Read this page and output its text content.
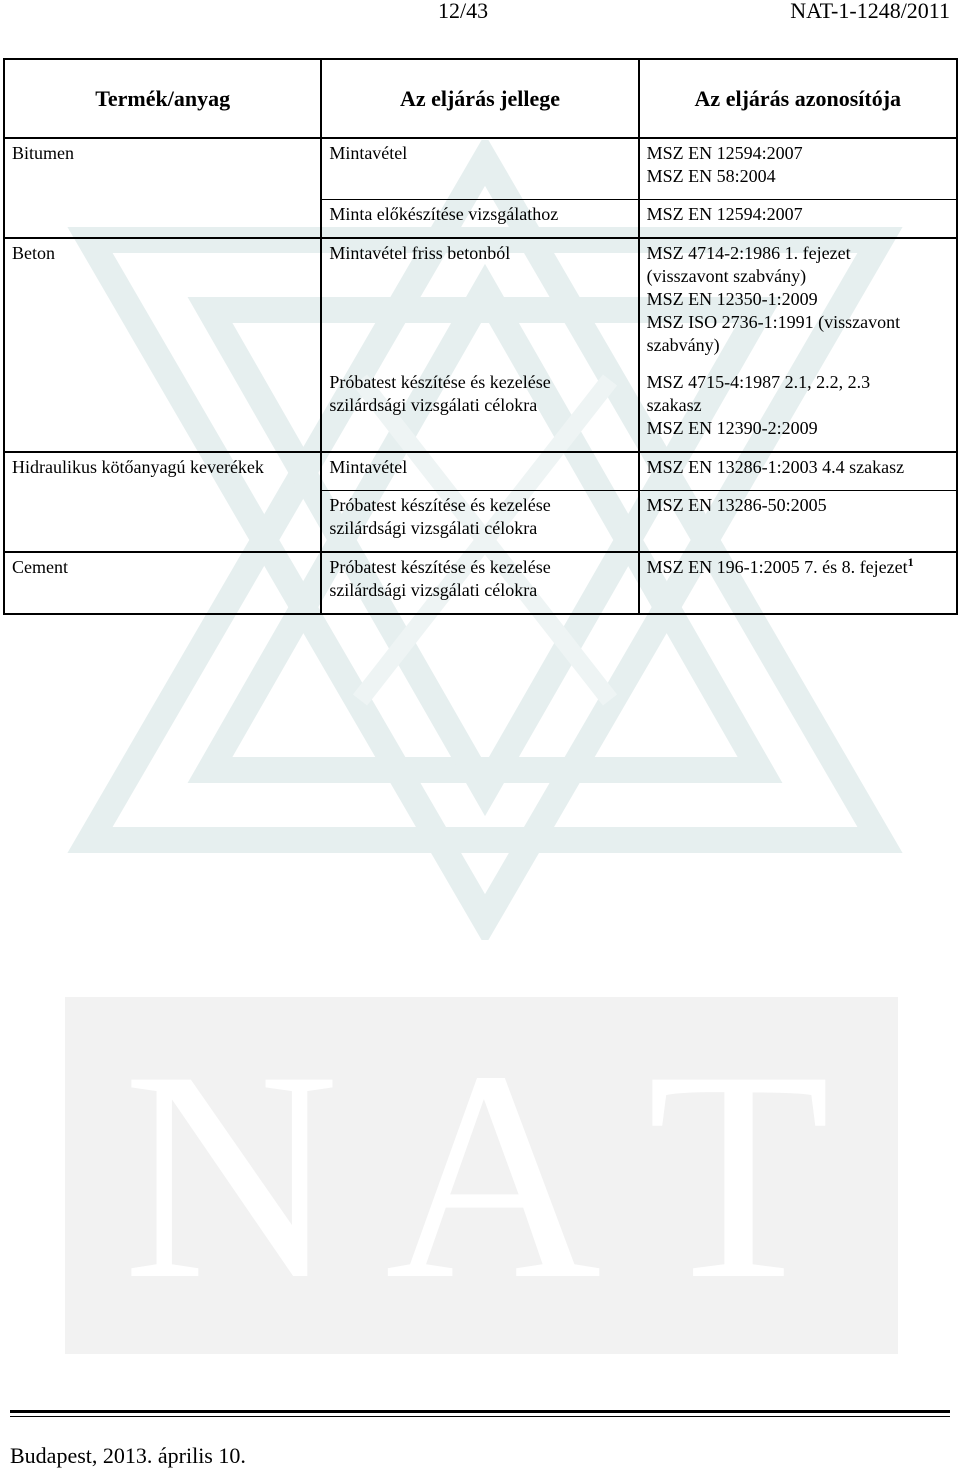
N A T
12/43	NAT-1-1248/2011
Termék/anyag	Az eljárás jellege	Az eljárás azonosítója

Bitumen	Mintavétel	MSZ EN 12594:2007
MSZ EN 58:2004

	Minta előkészítése vizsgálathoz	MSZ EN 12594:2007

Beton	Mintavétel friss betonból	MSZ 4714-2:1986 1. fejezet
(visszavont szabvány)
MSZ EN 12350-1:2009
MSZ ISO 2736-1:1991 (visszavont
szabvány)

	Próbatest készítése és kezelése
szilárdsági vizsgálati célokra	MSZ 4715-4:1987 2.1, 2.2, 2.3
szakasz
MSZ EN 12390-2:2009

Hidraulikus kötőanyagú keverékek	Mintavétel	MSZ EN 13286-1:2003 4.4 szakasz

	Próbatest készítése és kezelése
szilárdsági vizsgálati célokra	MSZ EN 13286-50:2005

Cement	Próbatest készítése és kezelése
szilárdsági vizsgálati célokra	MSZ EN 196-1:2005 7. és 8. fejezet$^1$
Budapest, 2013. április 10.
